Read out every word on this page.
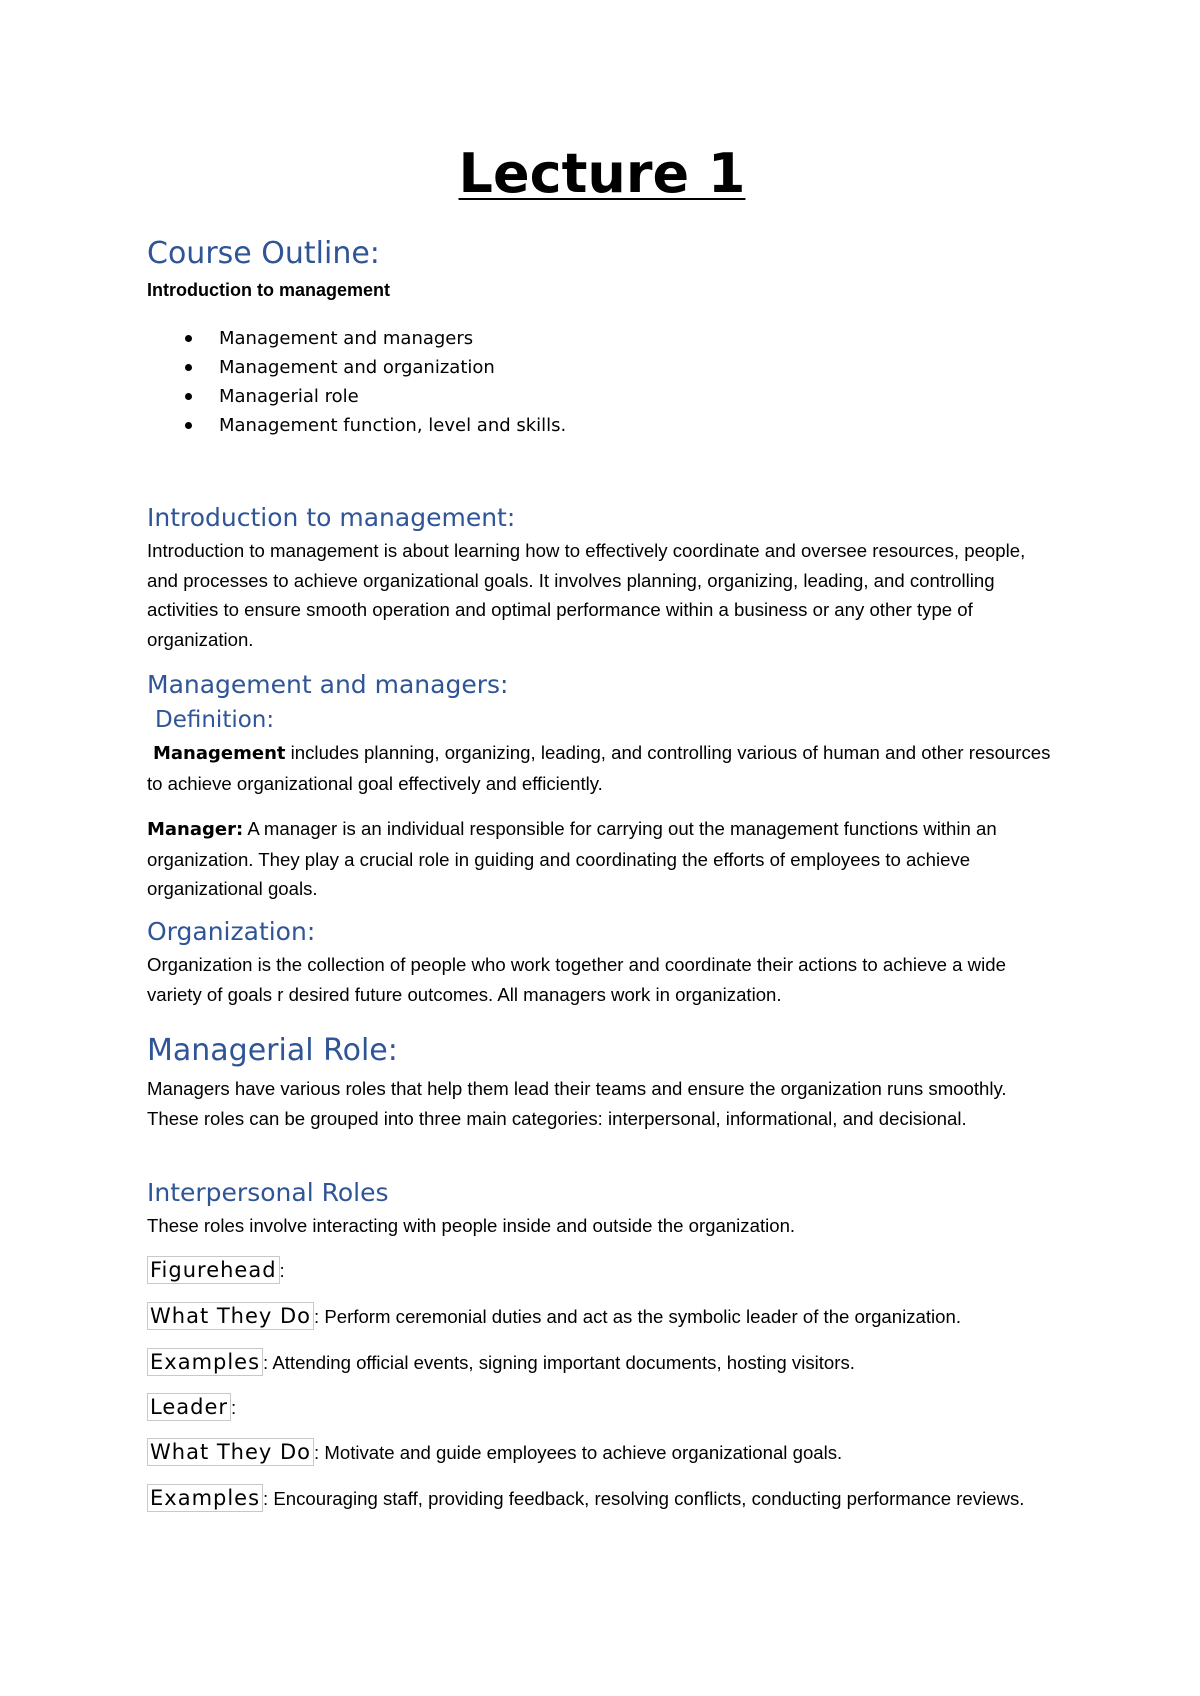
Lecture 1
Course Outline:

Introduction to management

Management and managers
Management and organization
Managerial role
Management function, level and skills.
Introduction to management:

Introduction to management is about learning how to effectively coordinate and oversee resources, people, and processes to achieve organizational goals. It involves planning, organizing, leading, and controlling activities to ensure smooth operation and optimal performance within a business or any other type of organization.

Management and managers:
Definition:

Management includes planning, organizing, leading, and controlling various of human and other resources to achieve organizational goal effectively and efficiently.

Manager: A manager is an individual responsible for carrying out the management functions within an organization. They play a crucial role in guiding and coordinating the efforts of employees to achieve organizational goals.

Organization:

Organization is the collection of people who work together and coordinate their actions to achieve a wide variety of goals r desired future outcomes. All managers work in organization.

Managerial Role:

Managers have various roles that help them lead their teams and ensure the organization runs smoothly. These roles can be grouped into three main categories: interpersonal, informational, and decisional.

Interpersonal Roles

These roles involve interacting with people inside and outside the organization.

Figurehead :

What They Do : Perform ceremonial duties and act as the symbolic leader of the organization.

Examples : Attending official events, signing important documents, hosting visitors.

Leader :

What They Do : Motivate and guide employees to achieve organizational goals.

Examples : Encouraging staff, providing feedback, resolving conflicts, conducting performance reviews.
